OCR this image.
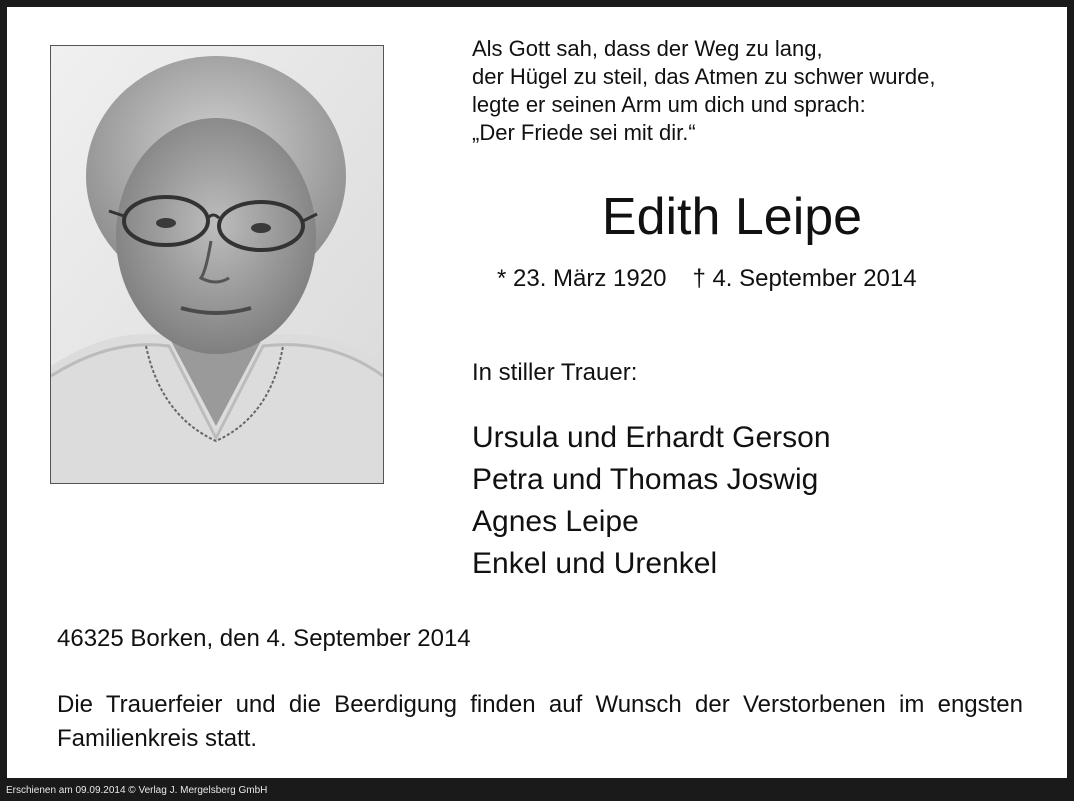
Als Gott sah, dass der Weg zu lang,
der Hügel zu steil, das Atmen zu schwer wurde,
legte er seinen Arm um dich und sprach:
„Der Friede sei mit dir.“
Edith Leipe
* 23. März 1920 † 4. September 2014
In stiller Trauer:
Ursula und Erhardt Gerson
Petra und Thomas Joswig
Agnes Leipe
Enkel und Urenkel
46325 Borken, den 4. September 2014
Die Trauerfeier und die Beerdigung finden auf Wunsch der Verstorbenen im engsten Familienkreis statt.
Erschienen am 09.09.2014 © Verlag J. Mergelsberg GmbH
